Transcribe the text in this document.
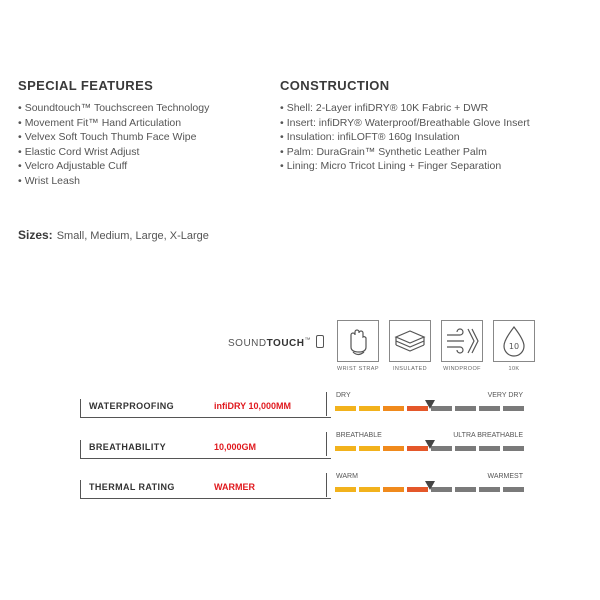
SPECIAL FEATURES
• Soundtouch™ Touchscreen Technology
• Movement Fit™ Hand Articulation
• Velvex Soft Touch Thumb Face Wipe
• Elastic Cord Wrist Adjust
• Velcro Adjustable Cuff
• Wrist Leash
CONSTRUCTION
• Shell: 2-Layer infiDRY® 10K Fabric + DWR
• Insert: infiDRY® Waterproof/Breathable Glove Insert
• Insulation: infiLOFT® 160g Insulation
• Palm: DuraGrain™ Synthetic Leather Palm
• Lining: Micro Tricot Lining + Finger Separation
Sizes: Small, Medium, Large, X-Large
SOUNDTOUCH™
WRIST STRAP	INSULATED	WINDPROOF
10
10K
WATERPROOFING	infiDRY 10,000MM
DRY	VERY DRY
BREATHABILITY	10,000GM
BREATHABLE	ULTRA BREATHABLE
THERMAL RATING	WARMER
WARM	WARMEST
